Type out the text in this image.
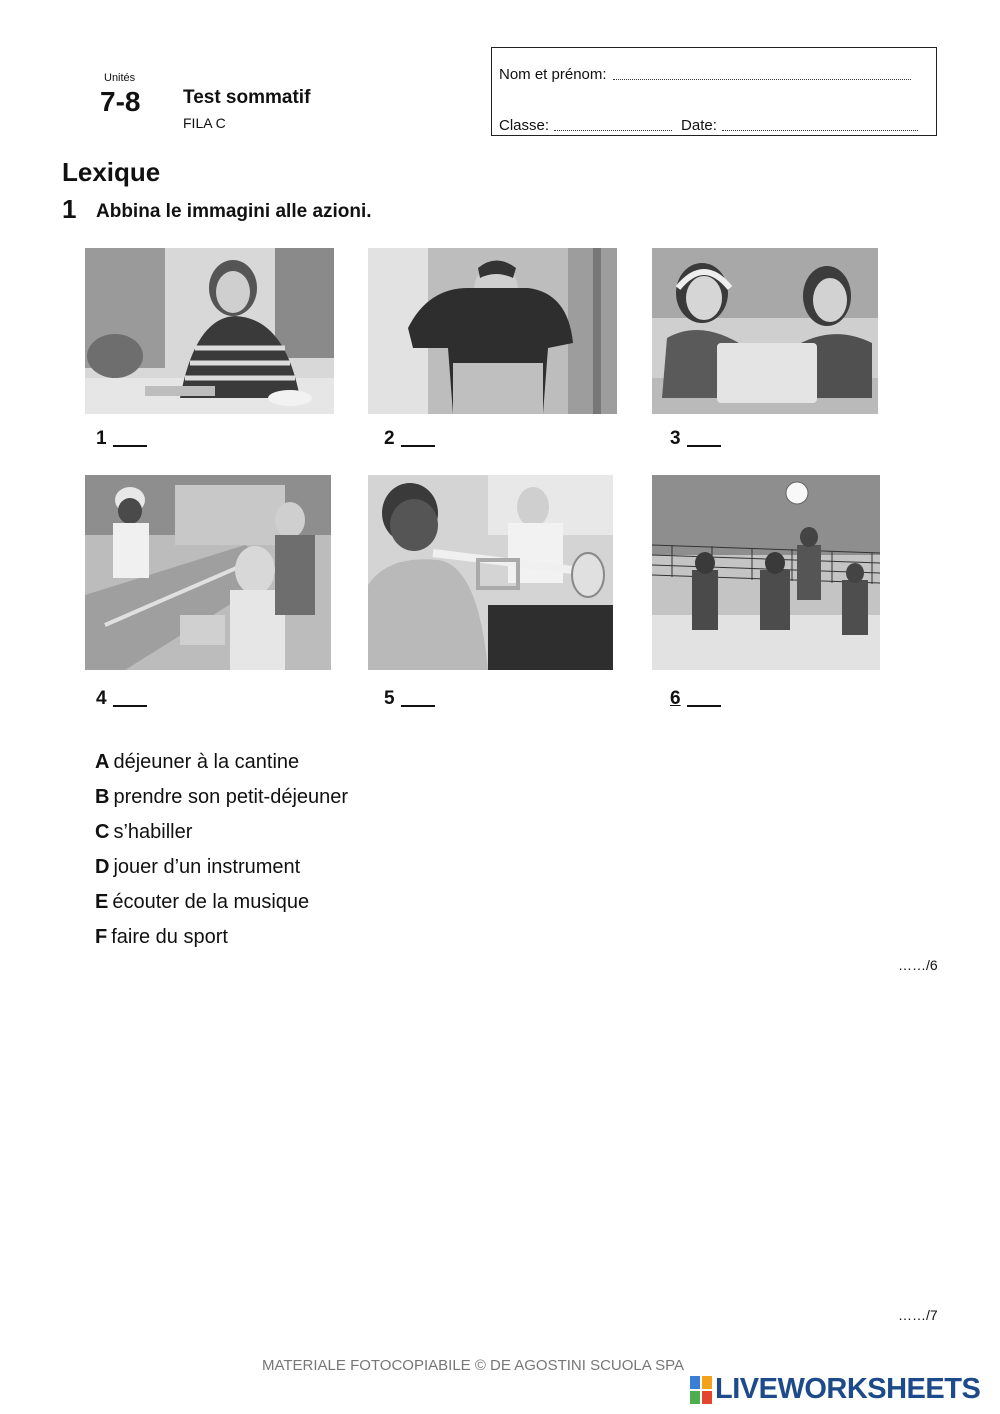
Unités
7-8 Test sommatif
FILA C
Nom et prénom:
Classe:	Date:
Lexique
1 Abbina le immagini alle azioni.
1	2	3
4	5	6
A déjeuner à la cantine
B prendre son petit-déjeuner
C s’habiller
D jouer d’un instrument
E écouter de la musique
F faire du sport
……/6
……/7
MATERIALE FOTOCOPIABILE © DE AGOSTINI SCUOLA SPA
LIVEWORKSHEETS
